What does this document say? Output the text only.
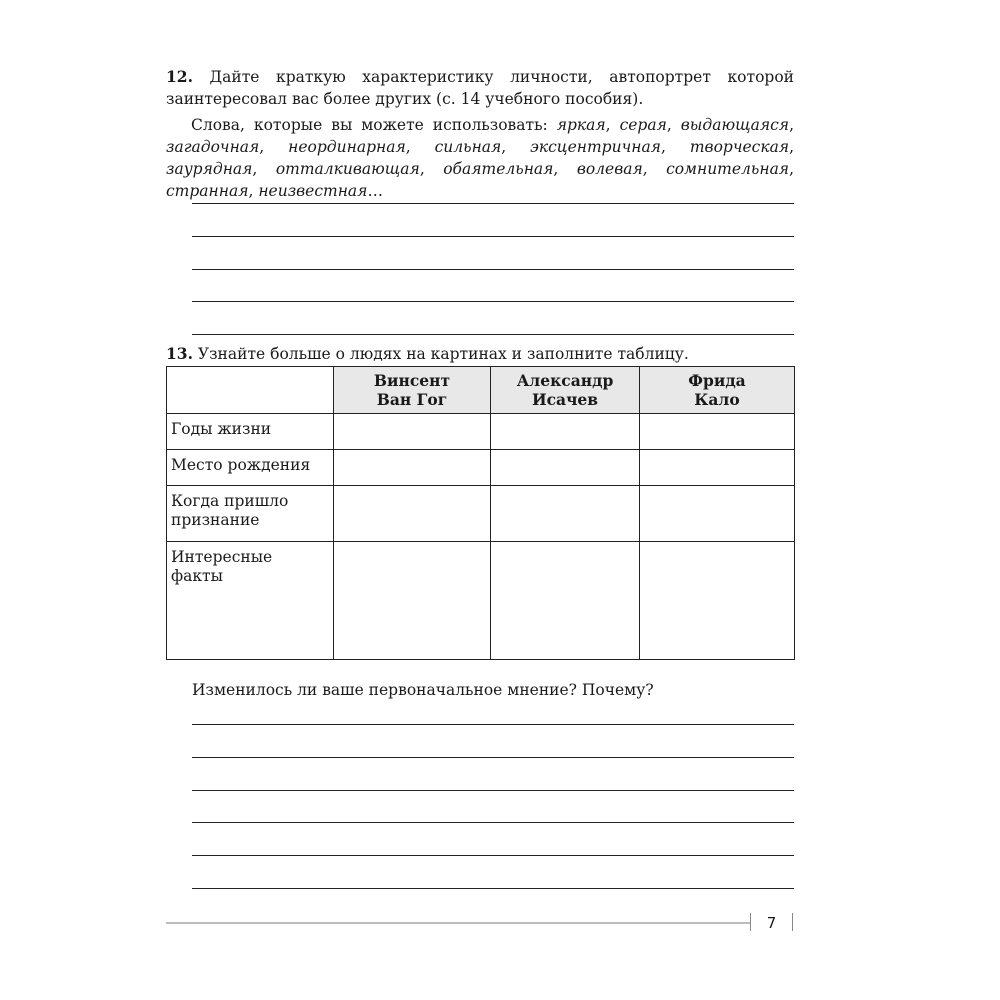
12. Дайте краткую характеристику личности, автопортрет которой заинтересовал вас более других (с. 14 учебного пособия).
Слова, которые вы можете использовать: яркая, серая, выдающаяся, загадочная, неординарная, сильная, эксцентричная, творческая, заурядная, отталкивающая, обаятельная, волевая, сомнительная, странная, неизвестная…
13. Узнайте больше о людях на картинах и заполните таблицу.
	Винсент Ван Гог	Александр Исачев	Фрида Кало
Годы жизни			
Место рождения			
Когда пришло признание			
Интересные факты			
Изменилось ли ваше первоначальное мнение? Почему?
7
